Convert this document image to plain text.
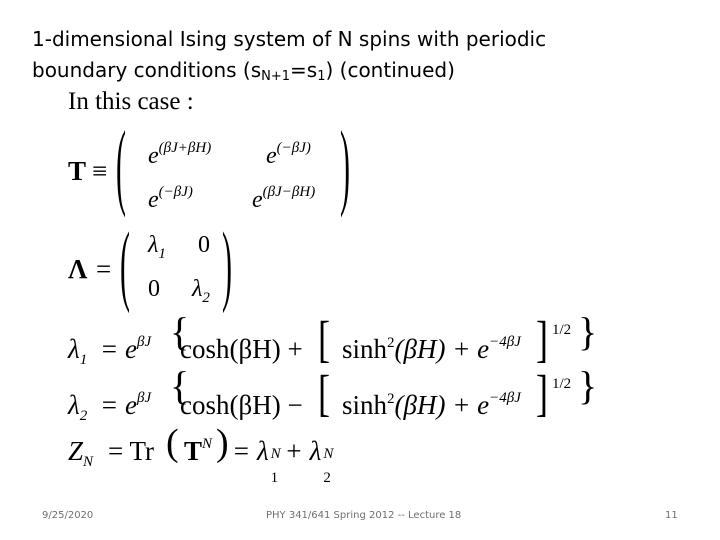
1-dimensional Ising system of N spins with periodic
boundary conditions $(s_{N+1}=s_1)$ (continued)
In this case :
T ≡ ( $e^{(\beta J+\beta H)}$ $e^{(-\beta J)}$
$e^{(-\beta J)}$ $e^{(\beta J-\beta H)}$ )
Λ = ( $\lambda_1$ 0
0 $\lambda_2$ )
$\lambda_1 = e^{\beta J}$ {
cosh(βH) + [ $\sinh^2(\beta H) + e^{-4\beta J}$ ] 1/2 }
$\lambda_2 = e^{\beta J}$ {
cosh(βH) − [ $\sinh^2(\beta H) + e^{-4\beta J}$ ] 1/2 }
$Z_N = Tr$ ( $T^N$ ) = λ N
1
+ λ N
2
9/25/2020	PHY 341/641 Spring 2012 -- Lecture 18	11
